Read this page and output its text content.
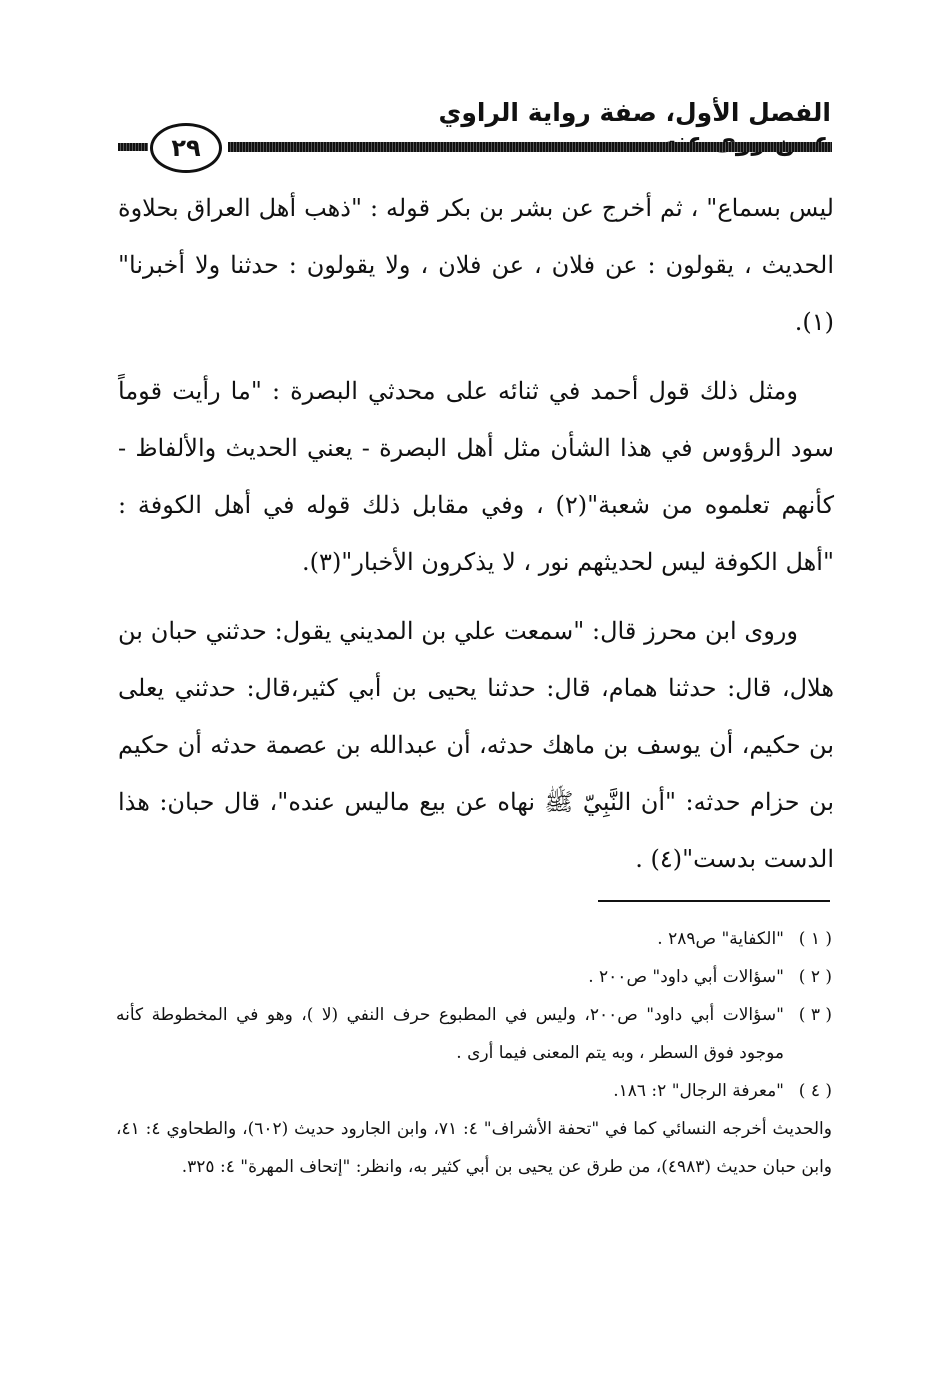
الفصل الأول، صفة رواية الراوي
٢٩

ليس بسماع" ، ثم أخرج عن بشر بن بكر قوله : "ذهب أهل العراق بحلاوة الحديث ، يقولون : عن فلان ، عن فلان ، ولا يقولون : حدثنا ولا أخبرنا"(١).

ومثل ذلك قول أحمد في ثنائه على محدثي البصرة : "ما رأيت قوماً سود الرؤوس في هذا الشأن مثل أهل البصرة - يعني الحديث والألفاظ - كأنهم تعلموه من شعبة"(٢) ، وفي مقابل ذلك قوله في أهل الكوفة : "أهل الكوفة ليس لحديثهم نور ، لا يذكرون الأخبار"(٣).

وروى ابن محرز قال: "سمعت علي بن المديني يقول: حدثني حبان بن هلال، قال: حدثنا همام، قال: حدثنا يحيى بن أبي كثير،قال: حدثني يعلى بن حكيم، أن يوسف بن ماهك حدثه، أن عبدالله بن عصمة حدثه أن حكيم بن حزام حدثه: "أن النَّبِيّ ﷺ نهاه عن بيع ماليس عنده"، قال حبان: هذا الدست بدست"(٤) .

( ١ )
"الكفاية" ص٢٨٩ .
( ٢ )
"سؤالات أبي داود" ص٢٠٠ .
( ٣ )
"سؤالات أبي داود" ص٢٠٠، وليس في المطبوع حرف النفي (لا )، وهو في المخطوطة كأنه موجود فوق السطر ، وبه يتم المعنى فيما أرى .
( ٤ )
"معرفة الرجال" ٢: ١٨٦.

والحديث أخرجه النسائي كما في "تحفة الأشراف" ٤: ٧١، وابن الجارود حديث (٦٠٢)، والطحاوي ٤: ٤١، وابن حبان حديث (٤٩٨٣)، من طرق عن يحيى بن أبي كثير به، وانظر: "إتحاف المهرة" ٤: ٣٢٥.
